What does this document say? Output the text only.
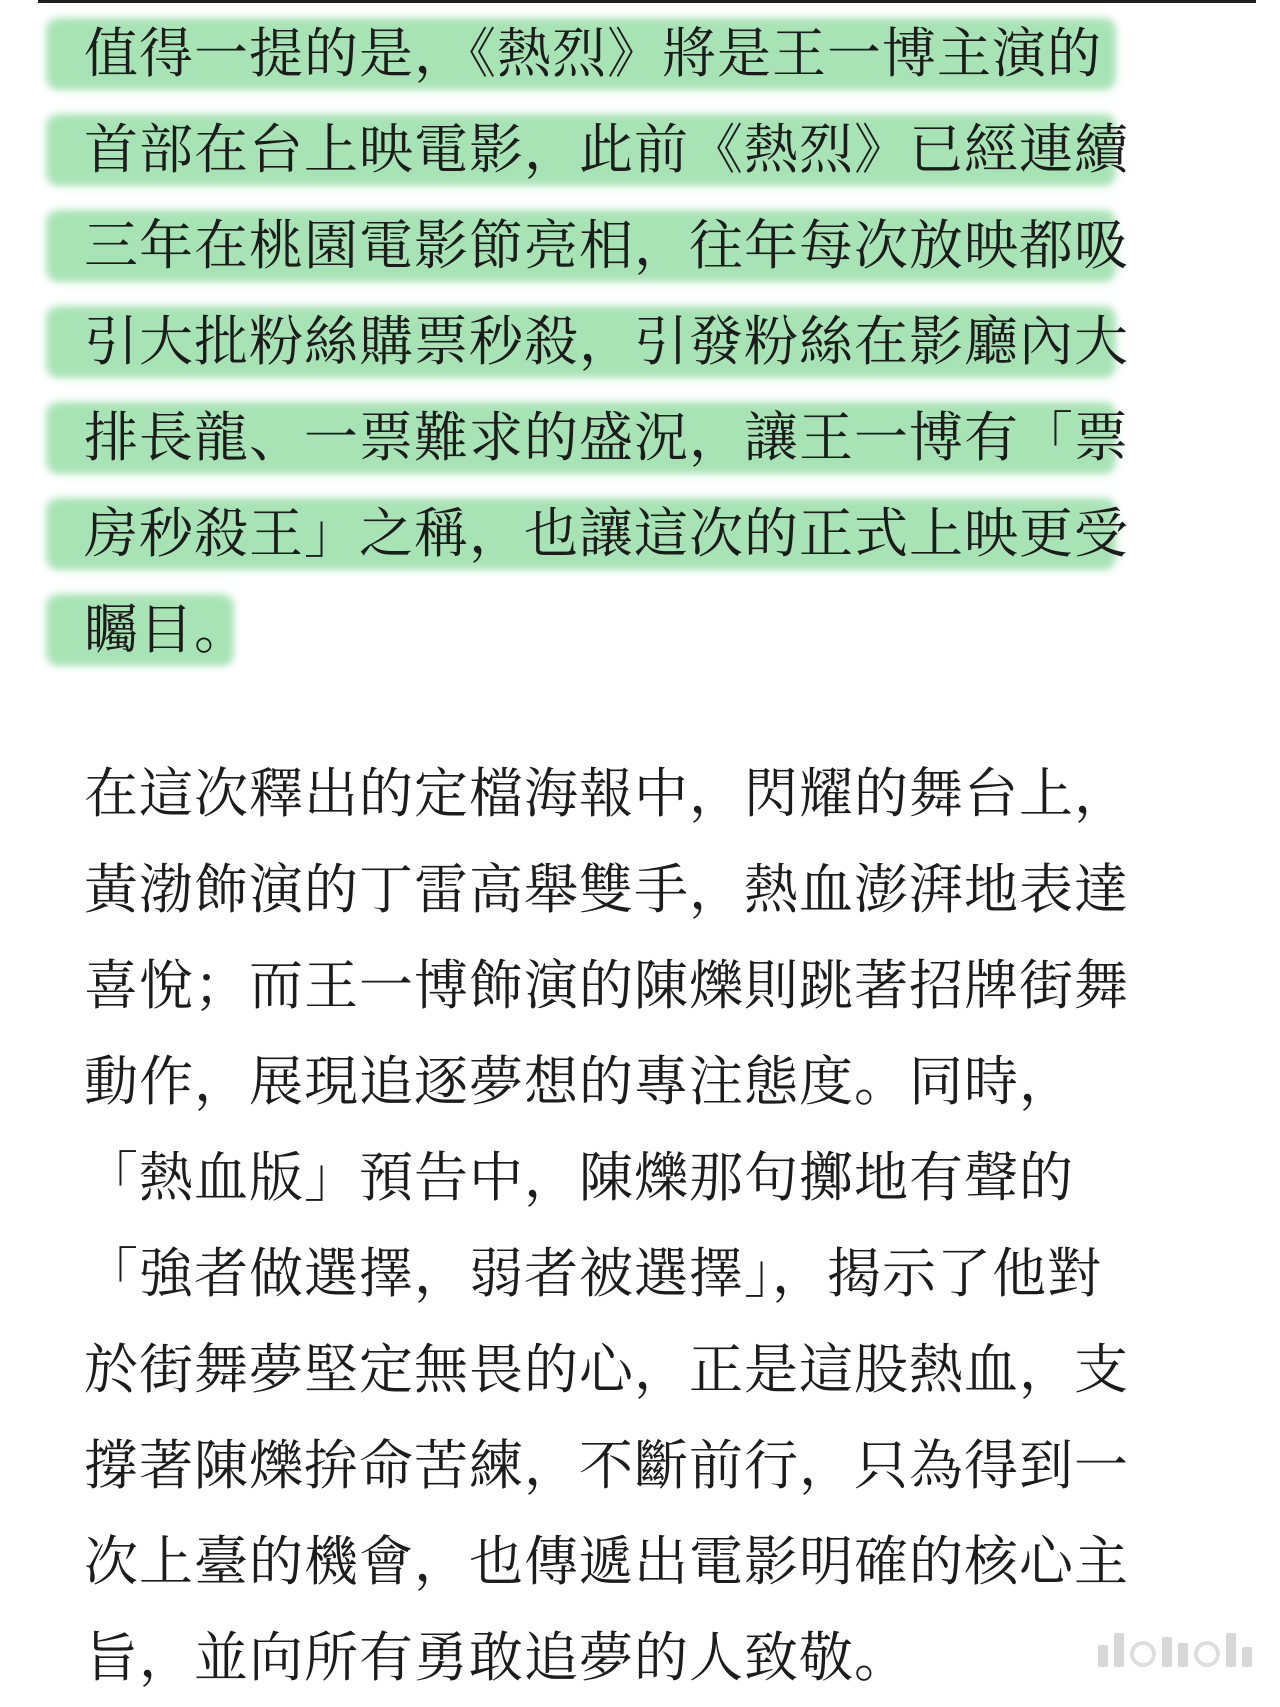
值得一提的是，《熱烈》將是王一博主演的
首部在台上映電影，此前《熱烈》已經連續
三年在桃園電影節亮相，往年每次放映都吸
引大批粉絲購票秒殺，引發粉絲在影廳內大
排長龍、一票難求的盛況，讓王一博有「票
房秒殺王」之稱，也讓這次的正式上映更受
矚目。
在這次釋出的定檔海報中，閃耀的舞台上，
黃渤飾演的丁雷高舉雙手，熱血澎湃地表達
喜悅；而王一博飾演的陳爍則跳著招牌街舞
動作，展現追逐夢想的專注態度。同時，
「熱血版」預告中，陳爍那句擲地有聲的
「強者做選擇，弱者被選擇」，揭示了他對
於街舞夢堅定無畏的心，正是這股熱血，支
撐著陳爍拚命苦練，不斷前行，只為得到一
次上臺的機會，也傳遞出電影明確的核心主
旨，並向所有勇敢追夢的人致敬。
